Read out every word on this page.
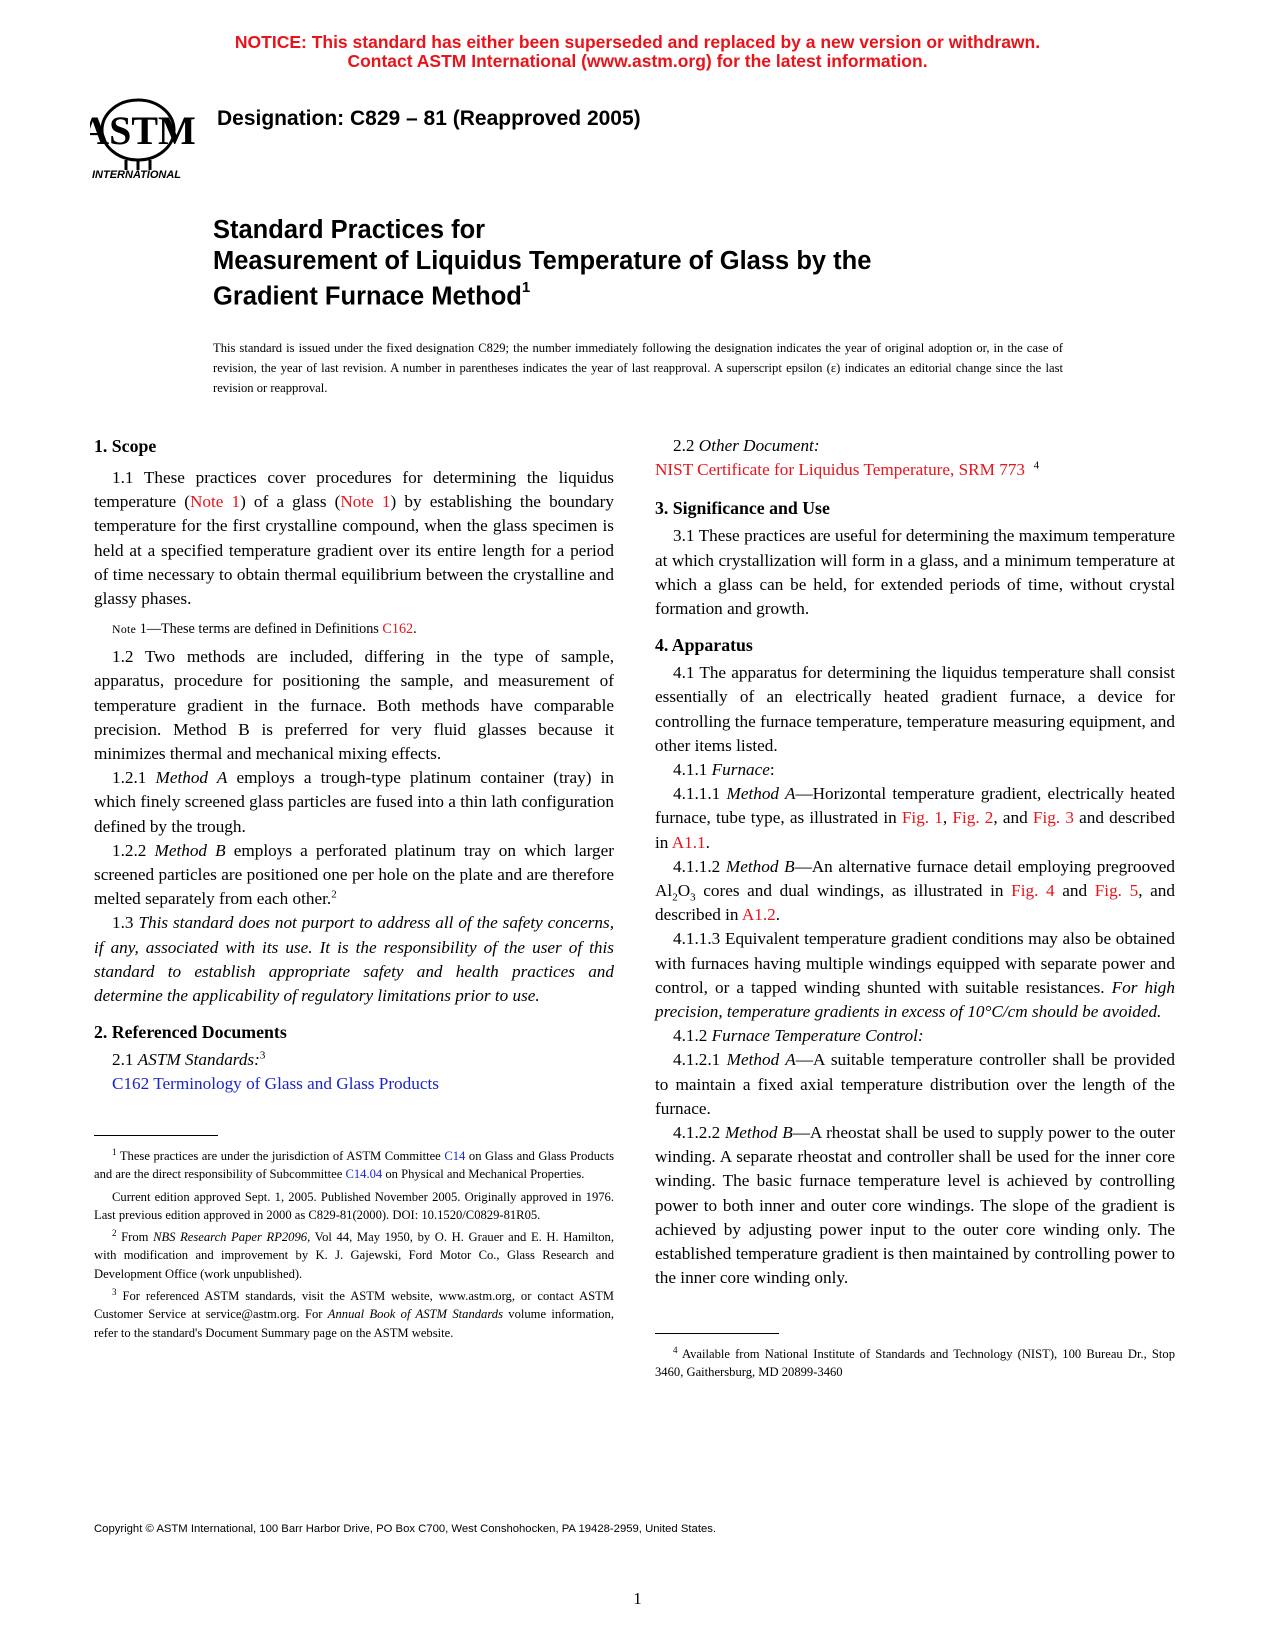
NOTICE: This standard has either been superseded and replaced by a new version or withdrawn.
Contact ASTM International (www.astm.org) for the latest information.
ASTM
INTERNATIONAL
Designation: C829 – 81 (Reapproved 2005)
Standard Practices for
Measurement of Liquidus Temperature of Glass by the
Gradient Furnace Method$^1$
This standard is issued under the fixed designation C829; the number immediately following the designation indicates the year of original adoption or, in the case of revision, the year of last revision. A number in parentheses indicates the year of last reapproval. A superscript epsilon (ε) indicates an editorial change since the last revision or reapproval.
1. Scope

1.1 These practices cover procedures for determining the liquidus temperature (Note 1) of a glass (Note 1) by establishing the boundary temperature for the first crystalline compound, when the glass specimen is held at a specified temperature gradient over its entire length for a period of time necessary to obtain thermal equilibrium between the crystalline and glassy phases.

Note 1—These terms are defined in Definitions C162.

1.2 Two methods are included, differing in the type of sample, apparatus, procedure for positioning the sample, and measurement of temperature gradient in the furnace. Both methods have comparable precision. Method B is preferred for very fluid glasses because it minimizes thermal and mechanical mixing effects.

1.2.1 Method A employs a trough-type platinum container (tray) in which finely screened glass particles are fused into a thin lath configuration defined by the trough.

1.2.2 Method B employs a perforated platinum tray on which larger screened particles are positioned one per hole on the plate and are therefore melted separately from each other.$^2$

1.3 This standard does not purport to address all of the safety concerns, if any, associated with its use. It is the responsibility of the user of this standard to establish appropriate safety and health practices and determine the applicability of regulatory limitations prior to use.

2. Referenced Documents

2.1 ASTM Standards:$^3$

C162 Terminology of Glass and Glass Products

$^1$ These practices are under the jurisdiction of ASTM Committee C14 on Glass and Glass Products and are the direct responsibility of Subcommittee C14.04 on Physical and Mechanical Properties.

Current edition approved Sept. 1, 2005. Published November 2005. Originally approved in 1976. Last previous edition approved in 2000 as C829-81(2000). DOI: 10.1520/C0829-81R05.

$^2$ From NBS Research Paper RP2096, Vol 44, May 1950, by O. H. Grauer and E. H. Hamilton, with modification and improvement by K. J. Gajewski, Ford Motor Co., Glass Research and Development Office (work unpublished).

$^3$ For referenced ASTM standards, visit the ASTM website, www.astm.org, or contact ASTM Customer Service at service@astm.org. For Annual Book of ASTM Standards volume information, refer to the standard's Document Summary page on the ASTM website.

2.2 Other Document:

NIST Certificate for Liquidus Temperature, SRM 773 $^4$

3. Significance and Use

3.1 These practices are useful for determining the maximum temperature at which crystallization will form in a glass, and a minimum temperature at which a glass can be held, for extended periods of time, without crystal formation and growth.

4. Apparatus

4.1 The apparatus for determining the liquidus temperature shall consist essentially of an electrically heated gradient furnace, a device for controlling the furnace temperature, temperature measuring equipment, and other items listed.

4.1.1 Furnace:

4.1.1.1 Method A—Horizontal temperature gradient, electrically heated furnace, tube type, as illustrated in Fig. 1, Fig. 2, and Fig. 3 and described in A1.1.

4.1.1.2 Method B—An alternative furnace detail employing pregrooved $Al_2O_3$ cores and dual windings, as illustrated in Fig. 4 and Fig. 5, and described in A1.2.

4.1.1.3 Equivalent temperature gradient conditions may also be obtained with furnaces having multiple windings equipped with separate power and control, or a tapped winding shunted with suitable resistances. For high precision, temperature gradients in excess of 10°C/cm should be avoided.

4.1.2 Furnace Temperature Control:

4.1.2.1 Method A—A suitable temperature controller shall be provided to maintain a fixed axial temperature distribution over the length of the furnace.

4.1.2.2 Method B—A rheostat shall be used to supply power to the outer winding. A separate rheostat and controller shall be used for the inner core winding. The basic furnace temperature level is achieved by controlling power to both inner and outer core windings. The slope of the gradient is achieved by adjusting power input to the outer core winding only. The established temperature gradient is then maintained by controlling power to the inner core winding only.

$^4$ Available from National Institute of Standards and Technology (NIST), 100 Bureau Dr., Stop 3460, Gaithersburg, MD 20899-3460

Copyright © ASTM International, 100 Barr Harbor Drive, PO Box C700, West Conshohocken, PA 19428-2959, United States.
1
